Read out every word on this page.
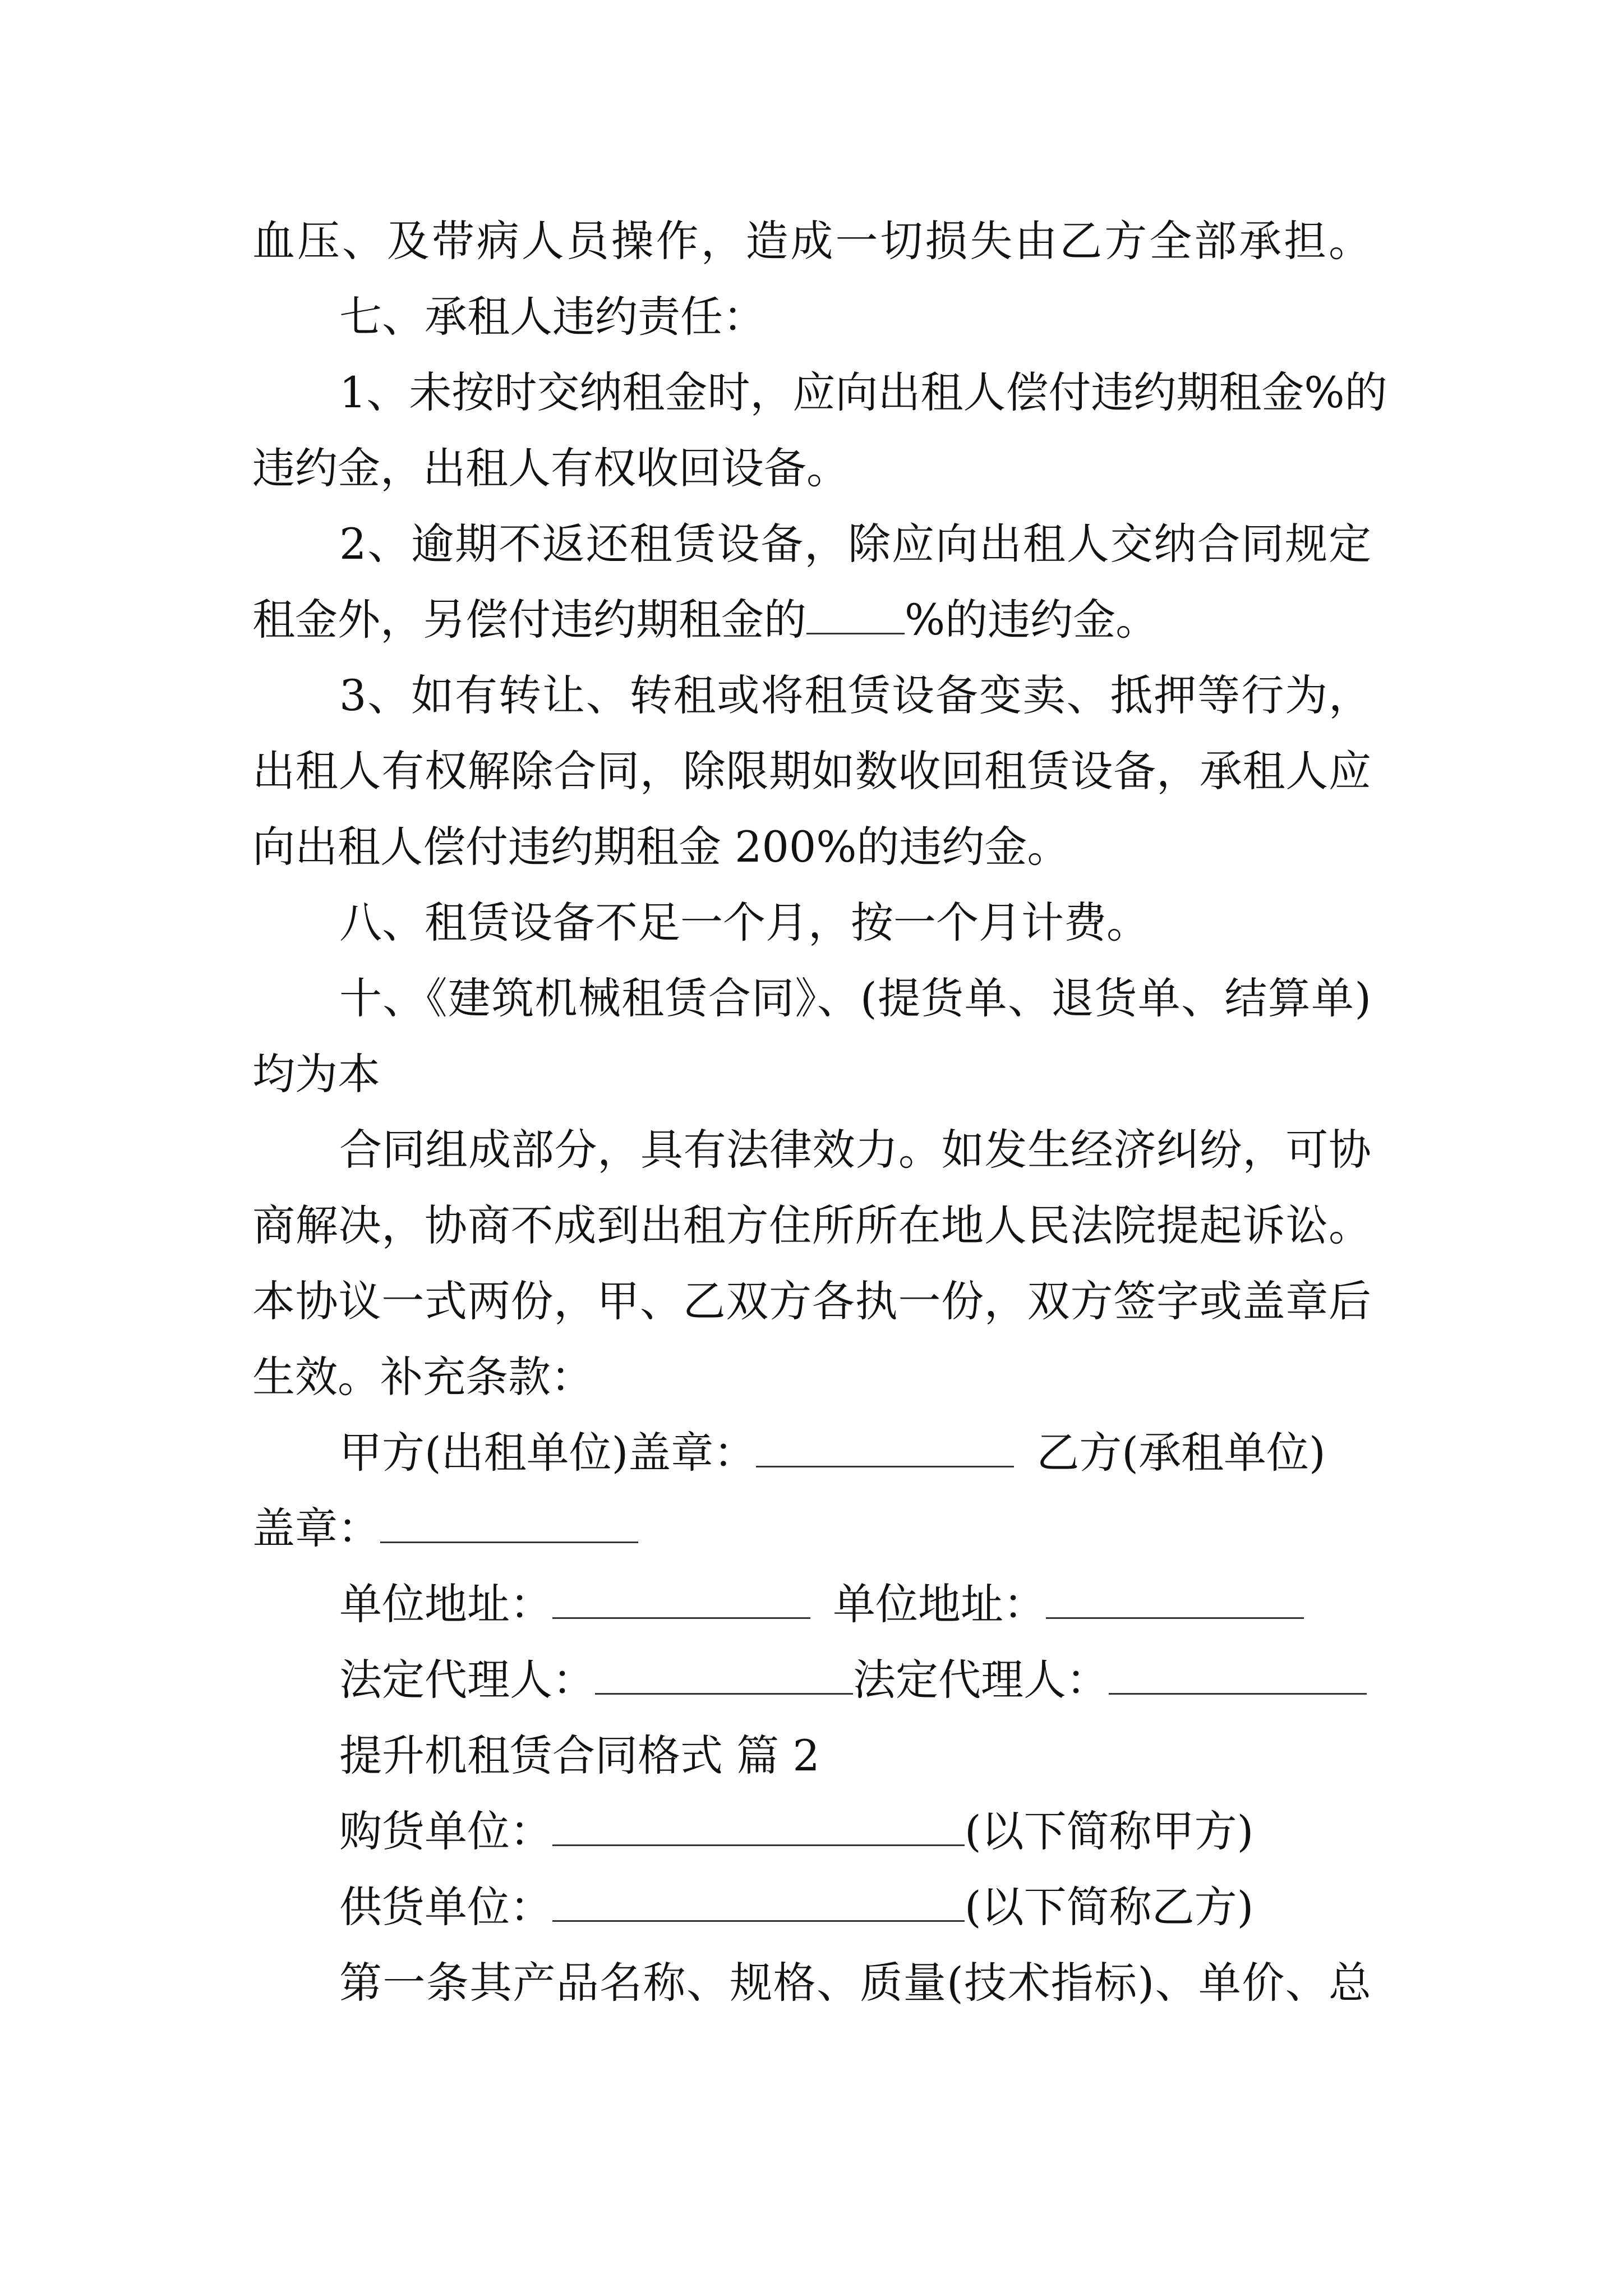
血压、及带病人员操作，造成一切损失由乙方全部承担。
七、承租人违约责任：
1、未按时交纳租金时，应向出租人偿付违约期租金%的
违约金，出租人有权收回设备。
2、逾期不返还租赁设备，除应向出租人交纳合同规定
租金外，另偿付违约期租金的 %的违约金。
3、如有转让、转租或将租赁设备变卖、抵押等行为，
出租人有权解除合同，除限期如数收回租赁设备，承租人应
向出租人偿付违约期租金 200%的违约金。
八、租赁设备不足一个月，按一个月计费。
十、《建筑机械租赁合同》、(提货单、退货单、结算单)
均为本
合同组成部分，具有法律效力。如发生经济纠纷，可协
商解决，协商不成到出租方住所所在地人民法院提起诉讼。
本协议一式两份，甲、乙双方各执一份，双方签字或盖章后
生效。补充条款：
甲方(出租单位)盖章：	乙方(承租单位)
盖章：
单位地址：	单位地址：
法定代理人：	法定代理人：
提升机租赁合同格式 篇 2
购货单位：	(以下简称甲方)
供货单位：	(以下简称乙方)
第一条其产品名称、规格、质量(技术指标)、单价、总
